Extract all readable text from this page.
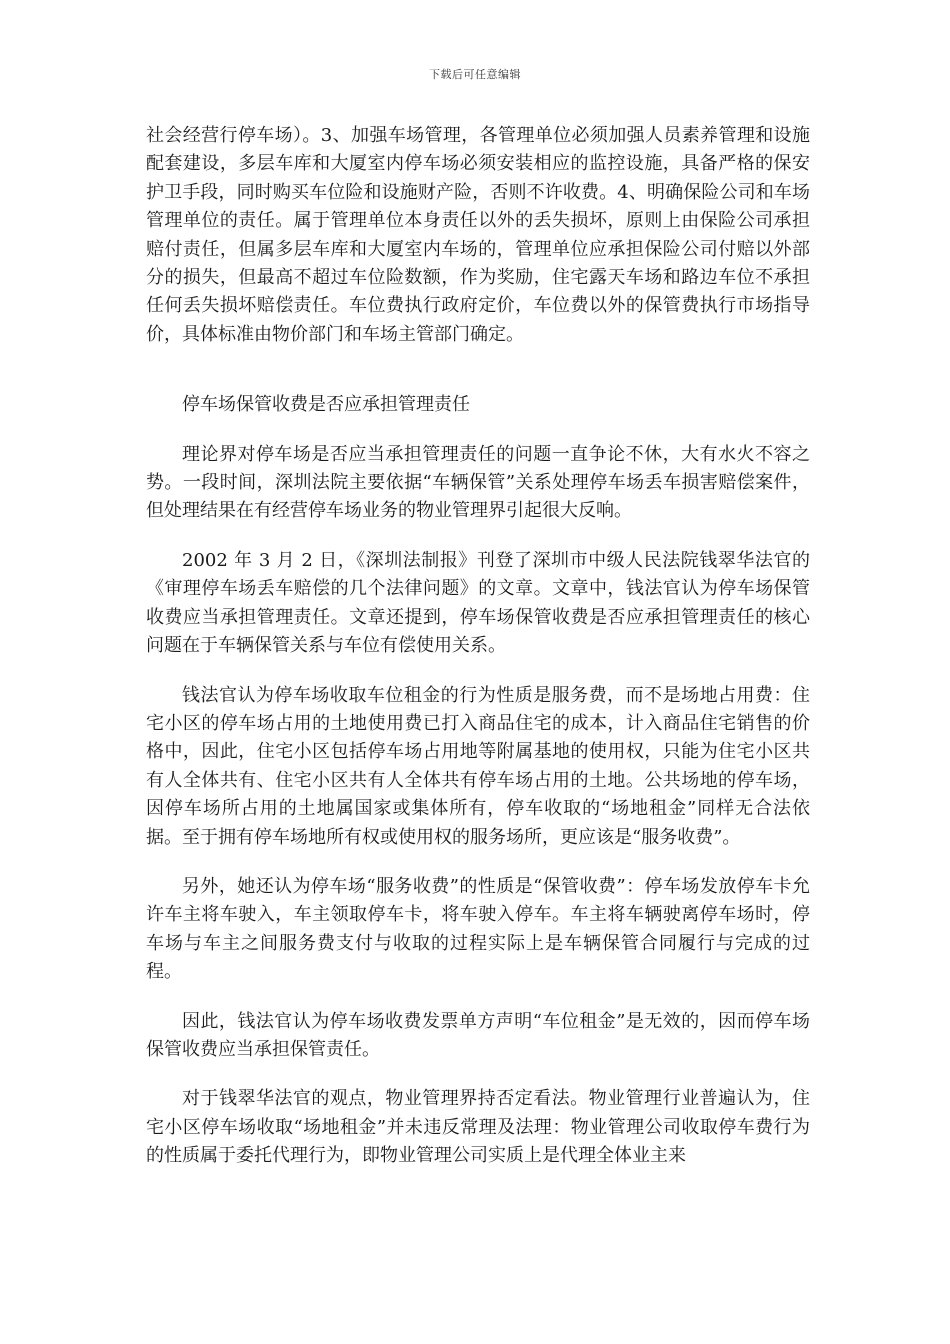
下载后可任意编辑

社会经营行停车场）。3、加强车场管理，各管理单位必须加强人员素养管理和设施配套建设，多层车库和大厦室内停车场必须安装相应的监控设施，具备严格的保安护卫手段，同时购买车位险和设施财产险，否则不许收费。4、明确保险公司和车场管理单位的责任。属于管理单位本身责任以外的丢失损坏，原则上由保险公司承担赔付责任，但属多层车库和大厦室内车场的，管理单位应承担保险公司付赔以外部分的损失，但最高不超过车位险数额，作为奖励，住宅露天车场和路边车位不承担任何丢失损坏赔偿责任。车位费执行政府定价，车位费以外的保管费执行市场指导价，具体标准由物价部门和车场主管部门确定。

停车场保管收费是否应承担管理责任

理论界对停车场是否应当承担管理责任的问题一直争论不休，大有水火不容之势。一段时间，深圳法院主要依据“车辆保管”关系处理停车场丢车损害赔偿案件，但处理结果在有经营停车场业务的物业管理界引起很大反响。

2002 年 3 月 2 日，《深圳法制报》刊登了深圳市中级人民法院钱翠华法官的《审理停车场丢车赔偿的几个法律问题》的文章。文章中，钱法官认为停车场保管收费应当承担管理责任。文章还提到，停车场保管收费是否应承担管理责任的核心问题在于车辆保管关系与车位有偿使用关系。

钱法官认为停车场收取车位租金的行为性质是服务费，而不是场地占用费：住宅小区的停车场占用的土地使用费已打入商品住宅的成本，计入商品住宅销售的价格中，因此，住宅小区包括停车场占用地等附属基地的使用权，只能为住宅小区共有人全体共有、住宅小区共有人全体共有停车场占用的土地。公共场地的停车场，因停车场所占用的土地属国家或集体所有，停车收取的“场地租金”同样无合法依据。至于拥有停车场地所有权或使用权的服务场所，更应该是“服务收费”。

另外，她还认为停车场“服务收费”的性质是“保管收费”：停车场发放停车卡允许车主将车驶入，车主领取停车卡，将车驶入停车。车主将车辆驶离停车场时，停车场与车主之间服务费支付与收取的过程实际上是车辆保管合同履行与完成的过程。

因此，钱法官认为停车场收费发票单方声明“车位租金”是无效的，因而停车场保管收费应当承担保管责任。

对于钱翠华法官的观点，物业管理界持否定看法。物业管理行业普遍认为，住宅小区停车场收取“场地租金”并未违反常理及法理：物业管理公司收取停车费行为的性质属于委托代理行为，即物业管理公司实质上是代理全体业主来
